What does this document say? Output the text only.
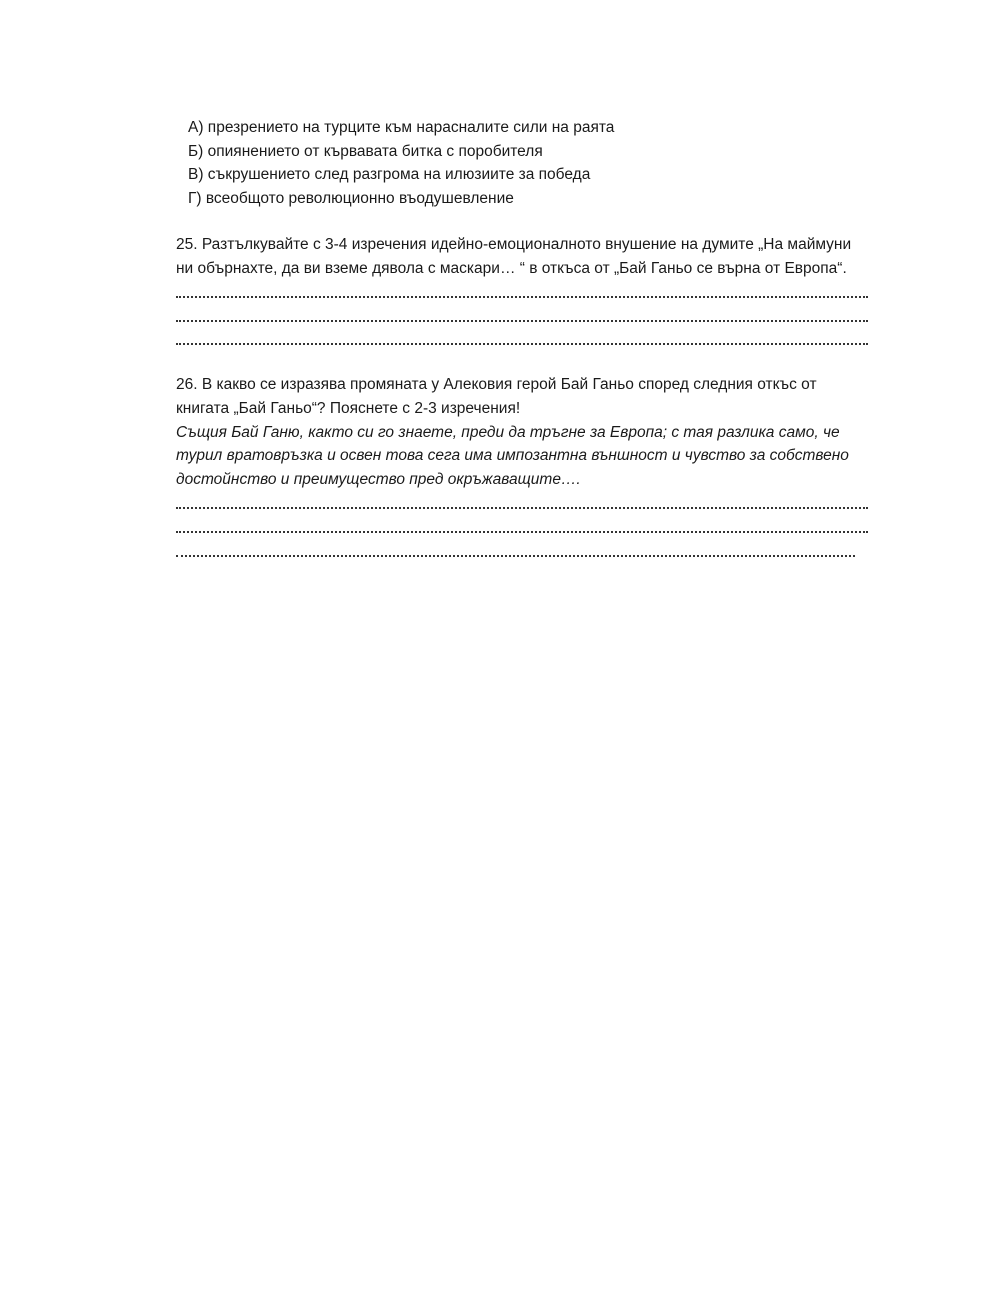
А) презрението на турците към нарасналите сили на раята
Б) опиянението от кървавата битка с поробителя
В) съкрушението след разгрома на илюзиите за победа
Г) всеобщото революционно въодушевление
25. Разтълкувайте с 3-4 изречения идейно-емоционалното внушение на думите „На маймуни ни обърнахте, да ви вземе дявола с маскари… “ в откъса от „Бай Ганьо се върна от Европа“.
26. В какво се изразява промяната у Алековия герой Бай Ганьо според следния откъс от книгата „Бай Ганьо“? Пояснете с 2-3 изречения!
Същия Бай Ганю, както си го знаете, преди да тръгне за Европа; с тая разлика само, че турил вратовръзка и освен това сега има импозантна външност и чувство за собствено достойнство и преимущество пред окръжаващите….
